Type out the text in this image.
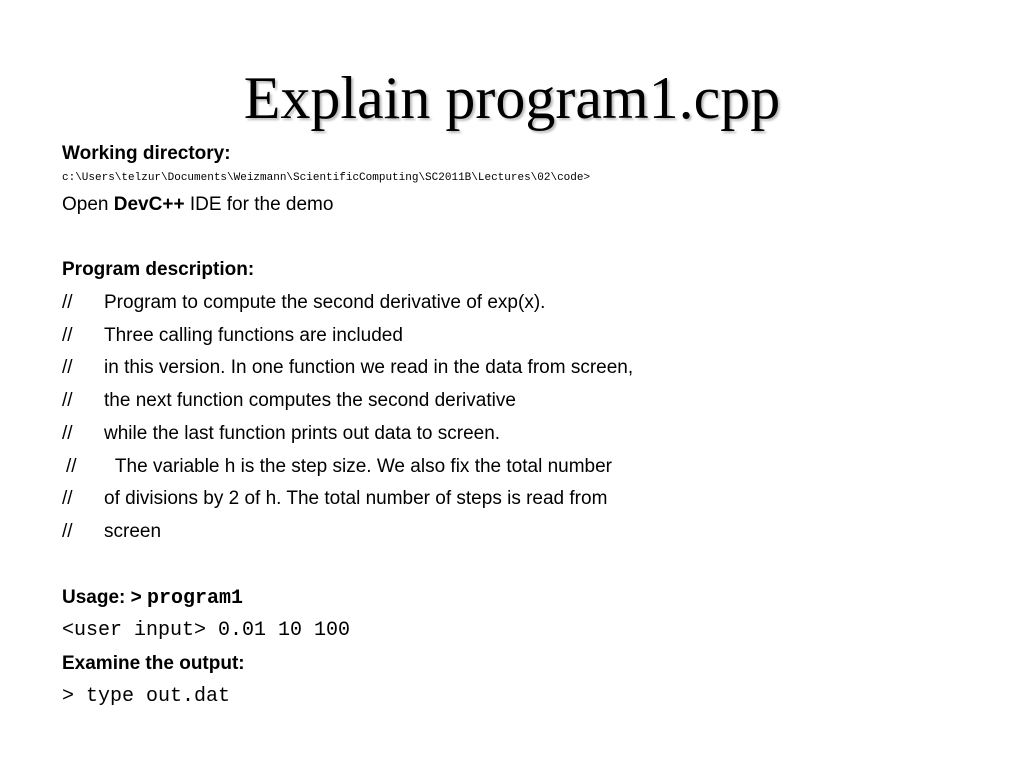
Explain program1.cpp
Working directory:
c:\Users\telzur\Documents\Weizmann\ScientificComputing\SC2011B\Lectures\02\code>
Open DevC++ IDE for the demo
Program description:
// Program to compute the second derivative of exp(x).
// Three calling functions are included
// in this version. In one function we read in the data from screen,
// the next function computes the second derivative
// while the last function prints out data to screen.
// The variable h is the step size. We also fix the total number
// of divisions by 2 of h. The total number of steps is read from
// screen
Usage: > program1
<user input> 0.01 10 100
Examine the output:
> type out.dat
